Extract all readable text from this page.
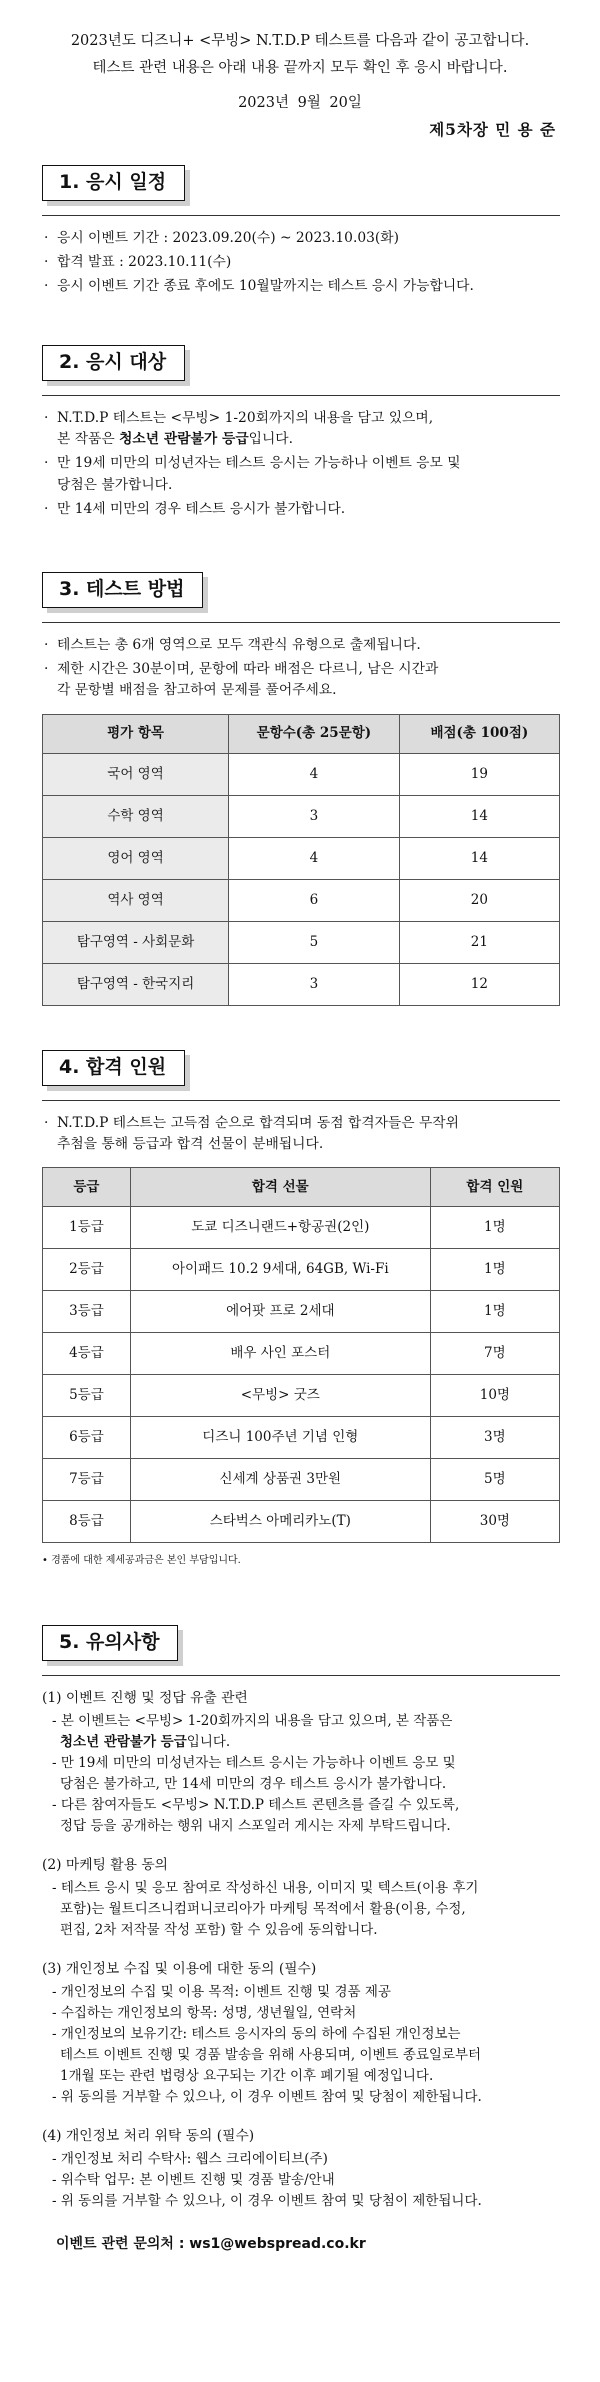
2023년도 디즈니+ <무빙> N.T.D.P 테스트를 다음과 같이 공고합니다.
테스트 관련 내용은 아래 내용 끝까지 모두 확인 후 응시 바랍니다.
2023년 9월 20일
제5차장 민 용 준
1. 응시 일정
· 응시 이벤트 기간 : 2023.09.20(수) ~ 2023.10.03(화)
· 합격 발표 : 2023.10.11(수)
· 응시 이벤트 기간 종료 후에도 10월말까지는 테스트 응시 가능합니다.
2. 응시 대상
· N.T.D.P 테스트는 <무빙> 1-20회까지의 내용을 담고 있으며,
본 작품은 청소년 관람불가 등급입니다.
· 만 19세 미만의 미성년자는 테스트 응시는 가능하나 이벤트 응모 및
당첨은 불가합니다.
· 만 14세 미만의 경우 테스트 응시가 불가합니다.
3. 테스트 방법
· 테스트는 총 6개 영역으로 모두 객관식 유형으로 출제됩니다.
· 제한 시간은 30분이며, 문항에 따라 배점은 다르니, 남은 시간과
각 문항별 배점을 참고하여 문제를 풀어주세요.
평가 항목	문항수(총 25문항)	배점(총 100점)
국어 영역	4	19
수학 영역	3	14
영어 영역	4	14
역사 영역	6	20
탐구영역 - 사회문화	5	21
탐구영역 - 한국지리	3	12
4. 합격 인원
· N.T.D.P 테스트는 고득점 순으로 합격되며 동점 합격자들은 무작위
추첨을 통해 등급과 합격 선물이 분배됩니다.
등급	합격 선물	합격 인원
1등급	도쿄 디즈니랜드+항공권(2인)	1명
2등급	아이패드 10.2 9세대, 64GB, Wi-Fi	1명
3등급	에어팟 프로 2세대	1명
4등급	배우 사인 포스터	7명
5등급	<무빙> 굿즈	10명
6등급	디즈니 100주년 기념 인형	3명
7등급	신세계 상품권 3만원	5명
8등급	스타벅스 아메리카노(T)	30명
• 경품에 대한 제세공과금은 본인 부담입니다.
5. 유의사항
(1) 이벤트 진행 및 정답 유출 관련
- 본 이벤트는 <무빙> 1-20회까지의 내용을 담고 있으며, 본 작품은
청소년 관람불가 등급입니다.
- 만 19세 미만의 미성년자는 테스트 응시는 가능하나 이벤트 응모 및
당첨은 불가하고, 만 14세 미만의 경우 테스트 응시가 불가합니다.
- 다른 참여자들도 <무빙> N.T.D.P 테스트 콘텐츠를 즐길 수 있도록,
정답 등을 공개하는 행위 내지 스포일러 게시는 자제 부탁드립니다.
(2) 마케팅 활용 동의
- 테스트 응시 및 응모 참여로 작성하신 내용, 이미지 및 텍스트(이용 후기
포함)는 월트디즈니컴퍼니코리아가 마케팅 목적에서 활용(이용, 수정,
편집, 2차 저작물 작성 포함) 할 수 있음에 동의합니다.
(3) 개인정보 수집 및 이용에 대한 동의 (필수)
- 개인정보의 수집 및 이용 목적: 이벤트 진행 및 경품 제공
- 수집하는 개인정보의 항목: 성명, 생년월일, 연락처
- 개인정보의 보유기간: 테스트 응시자의 동의 하에 수집된 개인정보는
테스트 이벤트 진행 및 경품 발송을 위해 사용되며, 이벤트 종료일로부터
1개월 또는 관련 법령상 요구되는 기간 이후 폐기될 예정입니다.
- 위 동의를 거부할 수 있으나, 이 경우 이벤트 참여 및 당첨이 제한됩니다.
(4) 개인정보 처리 위탁 동의 (필수)
- 개인정보 처리 수탁사: 웹스 크리에이티브(주)
- 위수탁 업무: 본 이벤트 진행 및 경품 발송/안내
- 위 동의를 거부할 수 있으나, 이 경우 이벤트 참여 및 당첨이 제한됩니다.
이벤트 관련 문의처 : ws1@webspread.co.kr
